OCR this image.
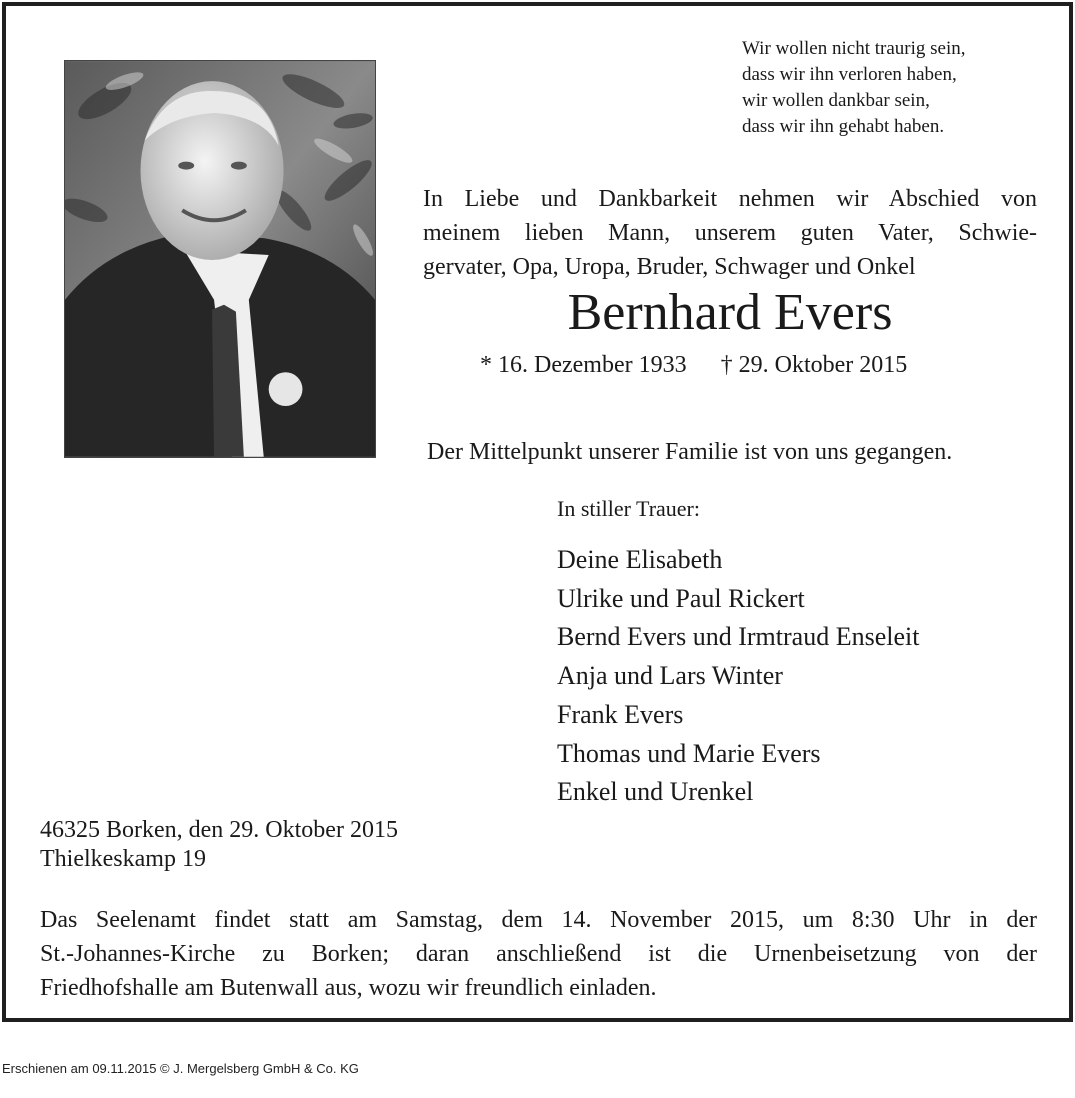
Wir wollen nicht traurig sein,
dass wir ihn verloren haben,
wir wollen dankbar sein,
dass wir ihn gehabt haben.
In Liebe und Dankbarkeit nehmen wir Abschied von
meinem lieben Mann, unserem guten Vater, Schwie-
gervater, Opa, Uropa, Bruder, Schwager und Onkel
Bernhard Evers
* 16. Dezember 1933 † 29. Oktober 2015
Der Mittelpunkt unserer Familie ist von uns gegangen.
In stiller Trauer:
Deine Elisabeth
Ulrike und Paul Rickert
Bernd Evers und Irmtraud Enseleit
Anja und Lars Winter
Frank Evers
Thomas und Marie Evers
Enkel und Urenkel
46325 Borken, den 29. Oktober 2015
Thielkeskamp 19
Das Seelenamt findet statt am Samstag, dem 14. November 2015, um 8:30 Uhr in der
St.-Johannes-Kirche zu Borken; daran anschließend ist die Urnenbeisetzung von der
Friedhofshalle am Butenwall aus, wozu wir freundlich einladen.
Erschienen am 09.11.2015 © J. Mergelsberg GmbH & Co. KG
